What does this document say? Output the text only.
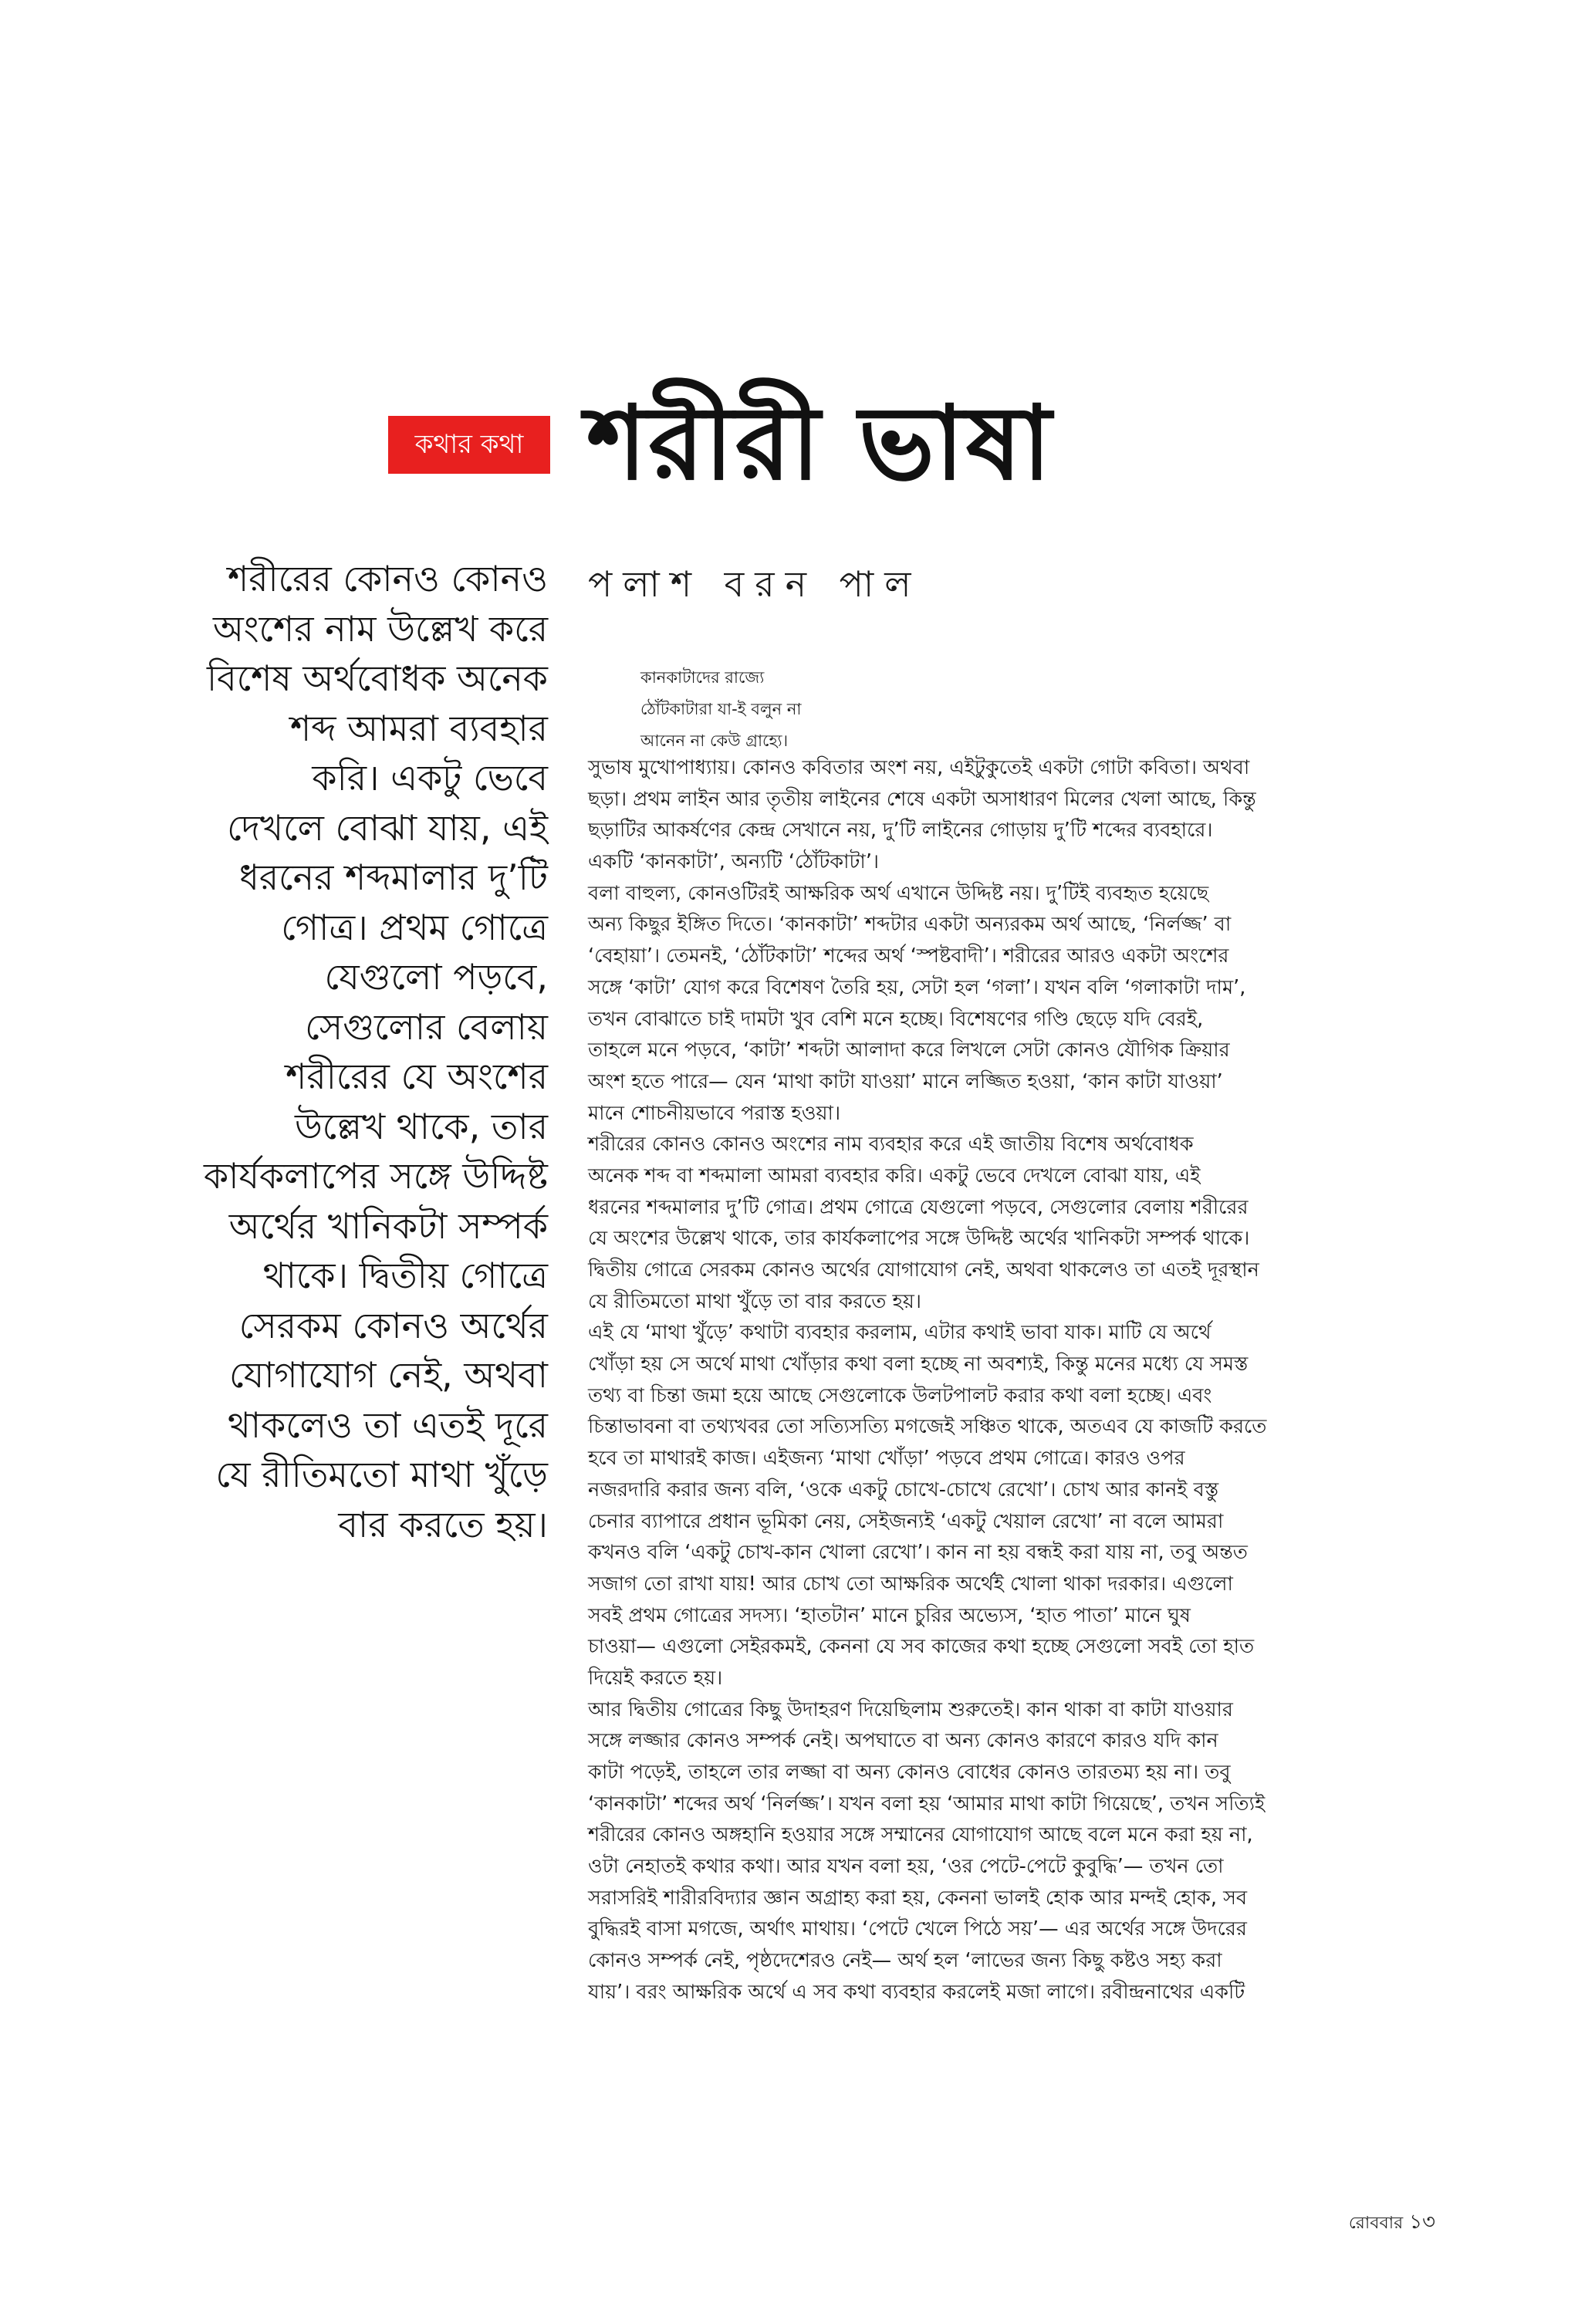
কথার কথা শরীরী ভাষা
পলাশ বরন পাল
শরীরের কোনও কোনও
অংশের নাম উল্লেখ করে
বিশেষ অর্থবোধক অনেক
শব্দ আমরা ব্যবহার
করি। একটু ভেবে
দেখলে বোঝা যায়, এই
ধরনের শব্দমালার দু’টি
গোত্র। প্রথম গোত্রে
যেগুলো পড়বে,
সেগুলোর বেলায়
শরীরের যে অংশের
উল্লেখ থাকে, তার
কার্যকলাপের সঙ্গে উদ্দিষ্ট
অর্থের খানিকটা সম্পর্ক
থাকে। দ্বিতীয় গোত্রে
সেরকম কোনও অর্থের
যোগাযোগ নেই, অথবা
থাকলেও তা এতই দূরে
যে রীতিমতো মাথা খুঁড়ে
বার করতে হয়।
কানকাটাদের রাজ্যে
ঠোঁটকাটারা যা-ই বলুন না
আনেন না কেউ গ্রাহ্যে।
সুভাষ মুখোপাধ্যায়। কোনও কবিতার অংশ নয়, এইটুকুতেই একটা গোটা কবিতা। অথবা
ছড়া। প্রথম লাইন আর তৃতীয় লাইনের শেষে একটা অসাধারণ মিলের খেলা আছে, কিন্তু
ছড়াটির আকর্ষণের কেন্দ্র সেখানে নয়, দু’টি লাইনের গোড়ায় দু’টি শব্দের ব্যবহারে।
একটি ‘কানকাটা’, অন্যটি ‘ঠোঁটকাটা’।
বলা বাহুল্য, কোনওটিরই আক্ষরিক অর্থ এখানে উদ্দিষ্ট নয়। দু’টিই ব্যবহৃত হয়েছে
অন্য কিছুর ইঙ্গিত দিতে। ‘কানকাটা’ শব্দটার একটা অন্যরকম অর্থ আছে, ‘নির্লজ্জ’ বা
‘বেহায়া’। তেমনই, ‘ঠোঁটকাটা’ শব্দের অর্থ ‘স্পষ্টবাদী’। শরীরের আরও একটা অংশের
সঙ্গে ‘কাটা’ যোগ করে বিশেষণ তৈরি হয়, সেটা হল ‘গলা’। যখন বলি ‘গলাকাটা দাম’,
তখন বোঝাতে চাই দামটা খুব বেশি মনে হচ্ছে। বিশেষণের গণ্ডি ছেড়ে যদি বেরই,
তাহলে মনে পড়বে, ‘কাটা’ শব্দটা আলাদা করে লিখলে সেটা কোনও যৌগিক ক্রিয়ার
অংশ হতে পারে— যেন ‘মাথা কাটা যাওয়া’ মানে লজ্জিত হওয়া, ‘কান কাটা যাওয়া’
মানে শোচনীয়ভাবে পরাস্ত হওয়া।
শরীরের কোনও কোনও অংশের নাম ব্যবহার করে এই জাতীয় বিশেষ অর্থবোধক
অনেক শব্দ বা শব্দমালা আমরা ব্যবহার করি। একটু ভেবে দেখলে বোঝা যায়, এই
ধরনের শব্দমালার দু’টি গোত্র। প্রথম গোত্রে যেগুলো পড়বে, সেগুলোর বেলায় শরীরের
যে অংশের উল্লেখ থাকে, তার কার্যকলাপের সঙ্গে উদ্দিষ্ট অর্থের খানিকটা সম্পর্ক থাকে।
দ্বিতীয় গোত্রে সেরকম কোনও অর্থের যোগাযোগ নেই, অথবা থাকলেও তা এতই দূরস্থান
যে রীতিমতো মাথা খুঁড়ে তা বার করতে হয়।
এই যে ‘মাথা খুঁড়ে’ কথাটা ব্যবহার করলাম, এটার কথাই ভাবা যাক। মাটি যে অর্থে
খোঁড়া হয় সে অর্থে মাথা খোঁড়ার কথা বলা হচ্ছে না অবশ্যই, কিন্তু মনের মধ্যে যে সমস্ত
তথ্য বা চিন্তা জমা হয়ে আছে সেগুলোকে উলটপালট করার কথা বলা হচ্ছে। এবং
চিন্তাভাবনা বা তথ্যখবর তো সত্যিসত্যি মগজেই সঞ্চিত থাকে, অতএব যে কাজটি করতে
হবে তা মাথারই কাজ। এইজন্য ‘মাথা খোঁড়া’ পড়বে প্রথম গোত্রে। কারও ওপর
নজরদারি করার জন্য বলি, ‘ওকে একটু চোখে-চোখে রেখো’। চোখ আর কানই বস্তু
চেনার ব্যাপারে প্রধান ভূমিকা নেয়, সেইজন্যই ‘একটু খেয়াল রেখো’ না বলে আমরা
কখনও বলি ‘একটু চোখ-কান খোলা রেখো’। কান না হয় বন্ধই করা যায় না, তবু অন্তত
সজাগ তো রাখা যায়! আর চোখ তো আক্ষরিক অর্থেই খোলা থাকা দরকার। এগুলো
সবই প্রথম গোত্রের সদস্য। ‘হাতটান’ মানে চুরির অভ্যেস, ‘হাত পাতা’ মানে ঘুষ
চাওয়া— এগুলো সেইরকমই, কেননা যে সব কাজের কথা হচ্ছে সেগুলো সবই তো হাত
দিয়েই করতে হয়।
আর দ্বিতীয় গোত্রের কিছু উদাহরণ দিয়েছিলাম শুরুতেই। কান থাকা বা কাটা যাওয়ার
সঙ্গে লজ্জার কোনও সম্পর্ক নেই। অপঘাতে বা অন্য কোনও কারণে কারও যদি কান
কাটা পড়েই, তাহলে তার লজ্জা বা অন্য কোনও বোধের কোনও তারতম্য হয় না। তবু
‘কানকাটা’ শব্দের অর্থ ‘নির্লজ্জ’। যখন বলা হয় ‘আমার মাথা কাটা গিয়েছে’, তখন সত্যিই
শরীরের কোনও অঙ্গহানি হওয়ার সঙ্গে সম্মানের যোগাযোগ আছে বলে মনে করা হয় না,
ওটা নেহাতই কথার কথা। আর যখন বলা হয়, ‘ওর পেটে-পেটে কুবুদ্ধি’— তখন তো
সরাসরিই শারীরবিদ্যার জ্ঞান অগ্রাহ্য করা হয়, কেননা ভালই হোক আর মন্দই হোক, সব
বুদ্ধিরই বাসা মগজে, অর্থাৎ মাথায়। ‘পেটে খেলে পিঠে সয়’— এর অর্থের সঙ্গে উদরের
কোনও সম্পর্ক নেই, পৃষ্ঠদেশেরও নেই— অর্থ হল ‘লাভের জন্য কিছু কষ্টও সহ্য করা
যায়’। বরং আক্ষরিক অর্থে এ সব কথা ব্যবহার করলেই মজা লাগে। রবীন্দ্রনাথের একটি
রোববার ১৩
